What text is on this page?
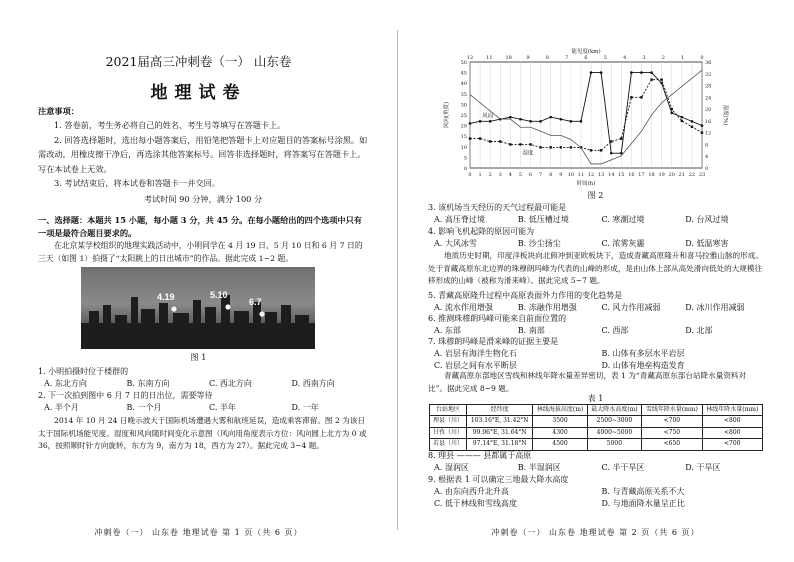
2021届高三冲刺卷（一） 山东卷
地理试卷
注意事项：

1. 答卷前，考生务必将自己的姓名、考生号等填写在答题卡上。

2. 回答选择题时，选出每小题答案后，用铅笔把答题卡上对应题目的答案标号涂黑。如需改动，用橡皮擦干净后，再选涂其他答案标号。回答非选择题时，将答案写在答题卡上。写在本试卷上无效。

3. 考试结束后，将本试卷和答题卡一并交回。

考试时间 90 分钟，满分 100 分

一、选择题：本题共 15 小题，每小题 3 分，共 45 分。在每小题给出的四个选项中只有一项是最符合题目要求的。
在北京某学校组织的地理实践活动中，小明同学在 4 月 19 日、5 月 10 日和 6 月 7 日的三天（如图 1）拍摄了“太阳跳上的日出城市”的作品。据此完成 1~2 题。
4.19	5.10
6.7
图 1
1. 小明拍摄时位于楼群的
A. 东北方向	B. 东南方向	C. 西北方向	D. 西南方向
2. 下一次拍到图中 6 月 7 日的日出位，需要等待
A. 半个月	B. 一个月	C. 半年	D. 一年
2014 年 10 月 24 日晚示波大于国际机场遭遇大雾和航班延误，造成乘客滞留。图 2 为该日太于国际机场能见度、湿度和风向随时间变化示意图（风向用角度表示方位：风向圆上北方为 0 或 36，按照顺时针方向旋转，东方为 9，南方为 18，西方为 27）。据此完成 3~4 题。
冲刺卷（一） 山东卷 地理试卷 第 1 页（共 6 页）
0 1 2 3 4 5 6 7 8 9 10 11 12 13 14 15 16 17 18 19 20 21 22 23
0
5
10
15
20
25
30
35
40
45
50
0
4
8
12
16
20
24
28
32
36
12	11	10	9	8	7	6	5	4	3	2	1	0
能见度(km)
时间(h)
风向(角度)	湿度(%)
风向
湿度
图 2
3. 该机场当天经历的天气过程最可能是
A. 高压脊过境	B. 低压槽过境	C. 寒潮过境	D. 台风过境
4. 影响飞机起降的原因可能为
A. 大风冰雪	B. 沙尘扬尘	C. 浓雾灰霾	D. 低温寒害
地质历史时期，印度洋板块向北俯冲到亚欧板块下，造成青藏高原隆升和喜马拉雅山脉的形成。处于青藏高原东北边界的珠穆朗玛峰为代表的山峰的形成，是由山体上部从高处滑向低处的大规模往移形成的山峰（被称为滑来峰）。据此完成 5~7 题。
5. 青藏高原隆升过程中高原表面外力作用的变化趋势是
A. 流水作用增强	B. 冻融作用增强	C. 风力作用减弱	D. 冰川作用减弱
6. 推测珠穆朗玛峰可能来自前面位置的
A. 东部	B. 南部	C. 西部	D. 北部
7. 珠穆朗玛峰是滑来峰的证据主要是
A. 岩层有海洋生物化石	B. 山体有多层水平岩层
C. 岩层之间有水平断层	D. 山体有地垒构造发育
青藏高原东部地区雪线和林线年降水量差异密切，表 1 为“青藏高原东部台站降水量资料对比”。据此完成 8~9 题。
表 1
台站地区	经纬度	林线海拔高度(m)	最大降水高度(m)	雪线年降水量(mm)	林线年降水量(mm)
理县（川）	103.16°E, 31.42°N	3500	2500~3000	<700	<800
甘孜（川）	99.96°E, 31.64°N	4300	4000~5000	<750	<800
若县（川）	97.14°E, 31.18°N	4500	5000	<650	<700
8. 理县 ——— 县都属于高原
A. 湿润区	B. 半湿润区	C. 半干旱区	D. 干旱区
9. 根据表 1 可以确定三地最大降水高度
A. 由东向西升北升高	B. 与青藏高原关系不大
C. 低于林线和雪线高度	D. 与地面降水量呈正比
冲刺卷（一） 山东卷 地理试卷 第 2 页（共 6 页）
